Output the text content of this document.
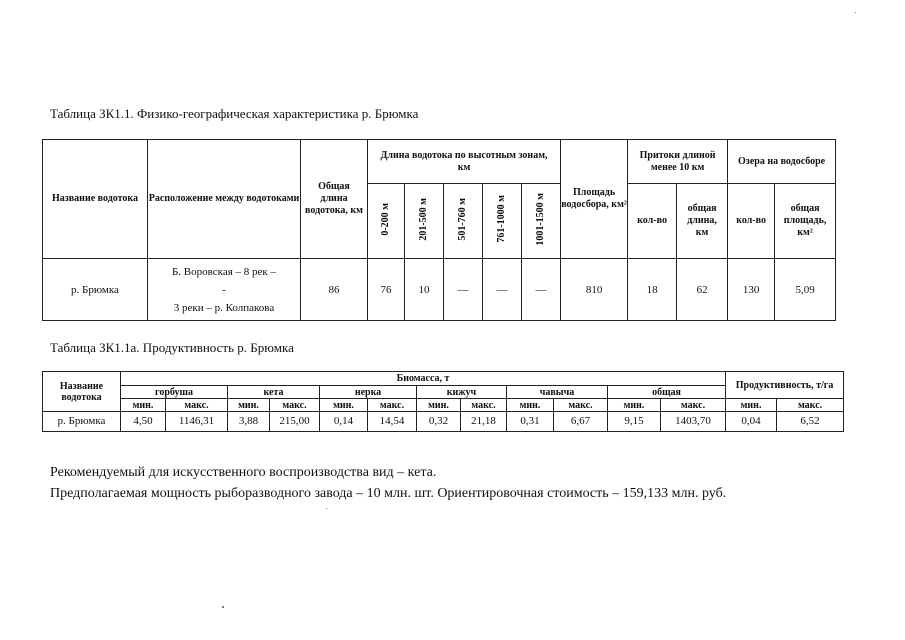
Таблица ЗК1.1. Физико-географическая характеристика р. Брюмка
Название водотока	Расположение между водотоками	Общая длина водотока, км	Длина водотока по высотным зонам, км					Площадь водосбора, км²	Притоки длиной менее 10 км		Озера на водосборе	
			0-200 м	201-500 м	501-760 м	761-1000 м	1001-1500 м		кол-во	общая длина, км	кол-во	общая площадь, км²
р. Брюмка	Б. Воровская – 8 рек –
-
3 реки – р. Колпакова	86	76	10	—	—	—	810	18	62	130	5,09
Таблица ЗК1.1а. Продуктивность р. Брюмка
Название водотока	Биомасса, т												Продуктивность, т/га	
	горбуша		кета		нерка		кижуч		чавыча		общая			
	мин.	макс.	мин.	макс.	мин.	макс.	мин.	макс.	мин.	макс.	мин.	макс.	мин.	макс.
р. Брюмка	4,50	1146,31	3,88	215,00	0,14	14,54	0,32	21,18	0,31	6,67	9,15	1403,70	0,04	6,52
Рекомендуемый для искусственного воспроизводства вид – кета.
Предполагаемая мощность рыборазводного завода – 10 млн. шт. Ориентировочная стоимость – 159,133 млн. руб.
